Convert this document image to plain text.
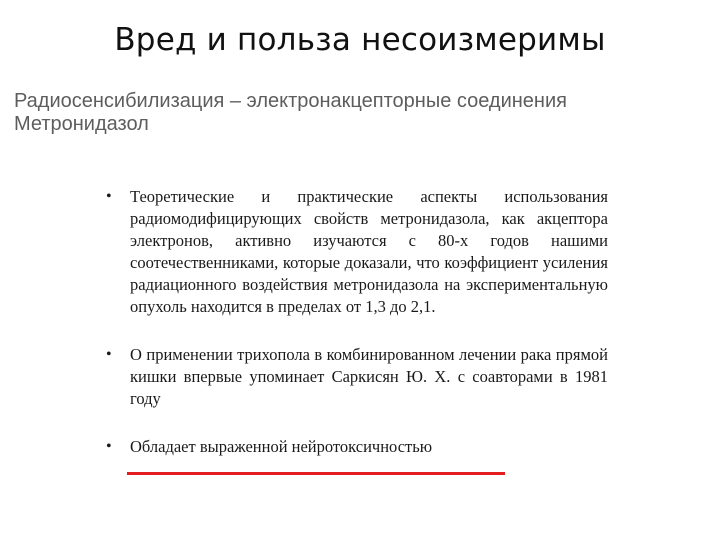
Вред и польза несоизмеримы
Радиосенсибилизация – электронакцепторные соединения
Метронидазол
• Теоретические и практические аспекты использования радиомодифицирующих свойств метронидазола, как акцептора электронов, активно изучаются с 80-х годов нашими соотечественниками, которые доказали, что коэффициент усиления радиационного воздействия метронидазола на экспериментальную опухоль находится в пределах от 1,3 до 2,1.
• О применении трихопола в комбинированном лечении рака прямой кишки впервые упоминает Саркисян Ю. Х. с соавторами в 1981 году
• Обладает выраженной нейротоксичностью
